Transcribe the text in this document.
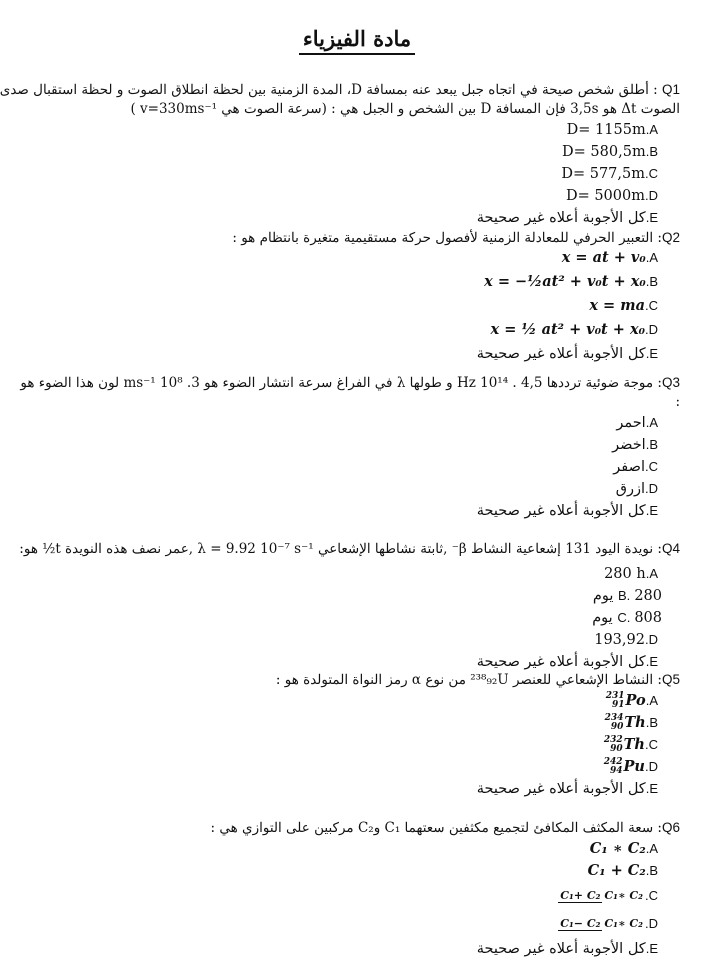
مادة الفيزياء
Q1 : أطلق شخص صيحة في اتجاه جبل يبعد عنه بمسافة D، المدة الزمنية بين لحظة انطلاق الصوت و لحظة استقبال صدى
الصوت Δt هو 3,5s فإن المسافة D بين الشخص و الجبل هي : (سرعة الصوت هي v=330ms⁻¹ )
A.D= 1155m
B.D= 580,5m
C.D= 577,5m
D.D= 5000m
E.كل الأجوبة أعلاه غير صحيحة
Q2: التعبير الحرفي للمعادلة الزمنية لأفصول حركة مستقيمية متغيرة بانتظام هو :
A.x = at + v₀
B.x = −½at² + v₀t + x₀
C.x = ma
D.x = ½ at² + v₀t + x₀
E.كل الأجوبة أعلاه غير صحيحة
Q3: موجة ضوئية ترددها 4,5 . 10¹⁴ Hz و طولها λ في الفراغ سرعة انتشار الضوء هو 3. 10⁸ ms⁻¹ لون هذا الضوء هو
:
A.احمر
B.اخضر
C.اصفر
D.ازرق
E.كل الأجوبة أعلاه غير صحيحة
Q4: نويدة اليود 131 إشعاعية النشاط β⁻ ,ثابتة نشاطها الإشعاعي λ = 9.92 10⁻⁷ s⁻¹ ,عمر نصف هذه النويدة t½ هو:
A.280 h
B.280 يوم
C.808 يوم
D.193,92
E.كل الأجوبة أعلاه غير صحيحة
Q5: النشاط الإشعاعي للعنصر ²³⁸₉₂U من نوع α رمز النواة المتولدة هو :
A.
231
91 Po
B.
234
90 Th
C.
232
90 Th
D.
242
94 Pu
E.كل الأجوبة أعلاه غير صحيحة
Q6: سعة المكثف المكافئ لتجميع مكثفين سعتهما C₁ وC₂ مركبين على التوازي هي :
A.C₁ ∗ C₂
B.C₁ + C₂
C.C₁+ C₂ C₁∗ C₂
D.C₁− C₂ C₁∗ C₂
E.كل الأجوبة أعلاه غير صحيحة
